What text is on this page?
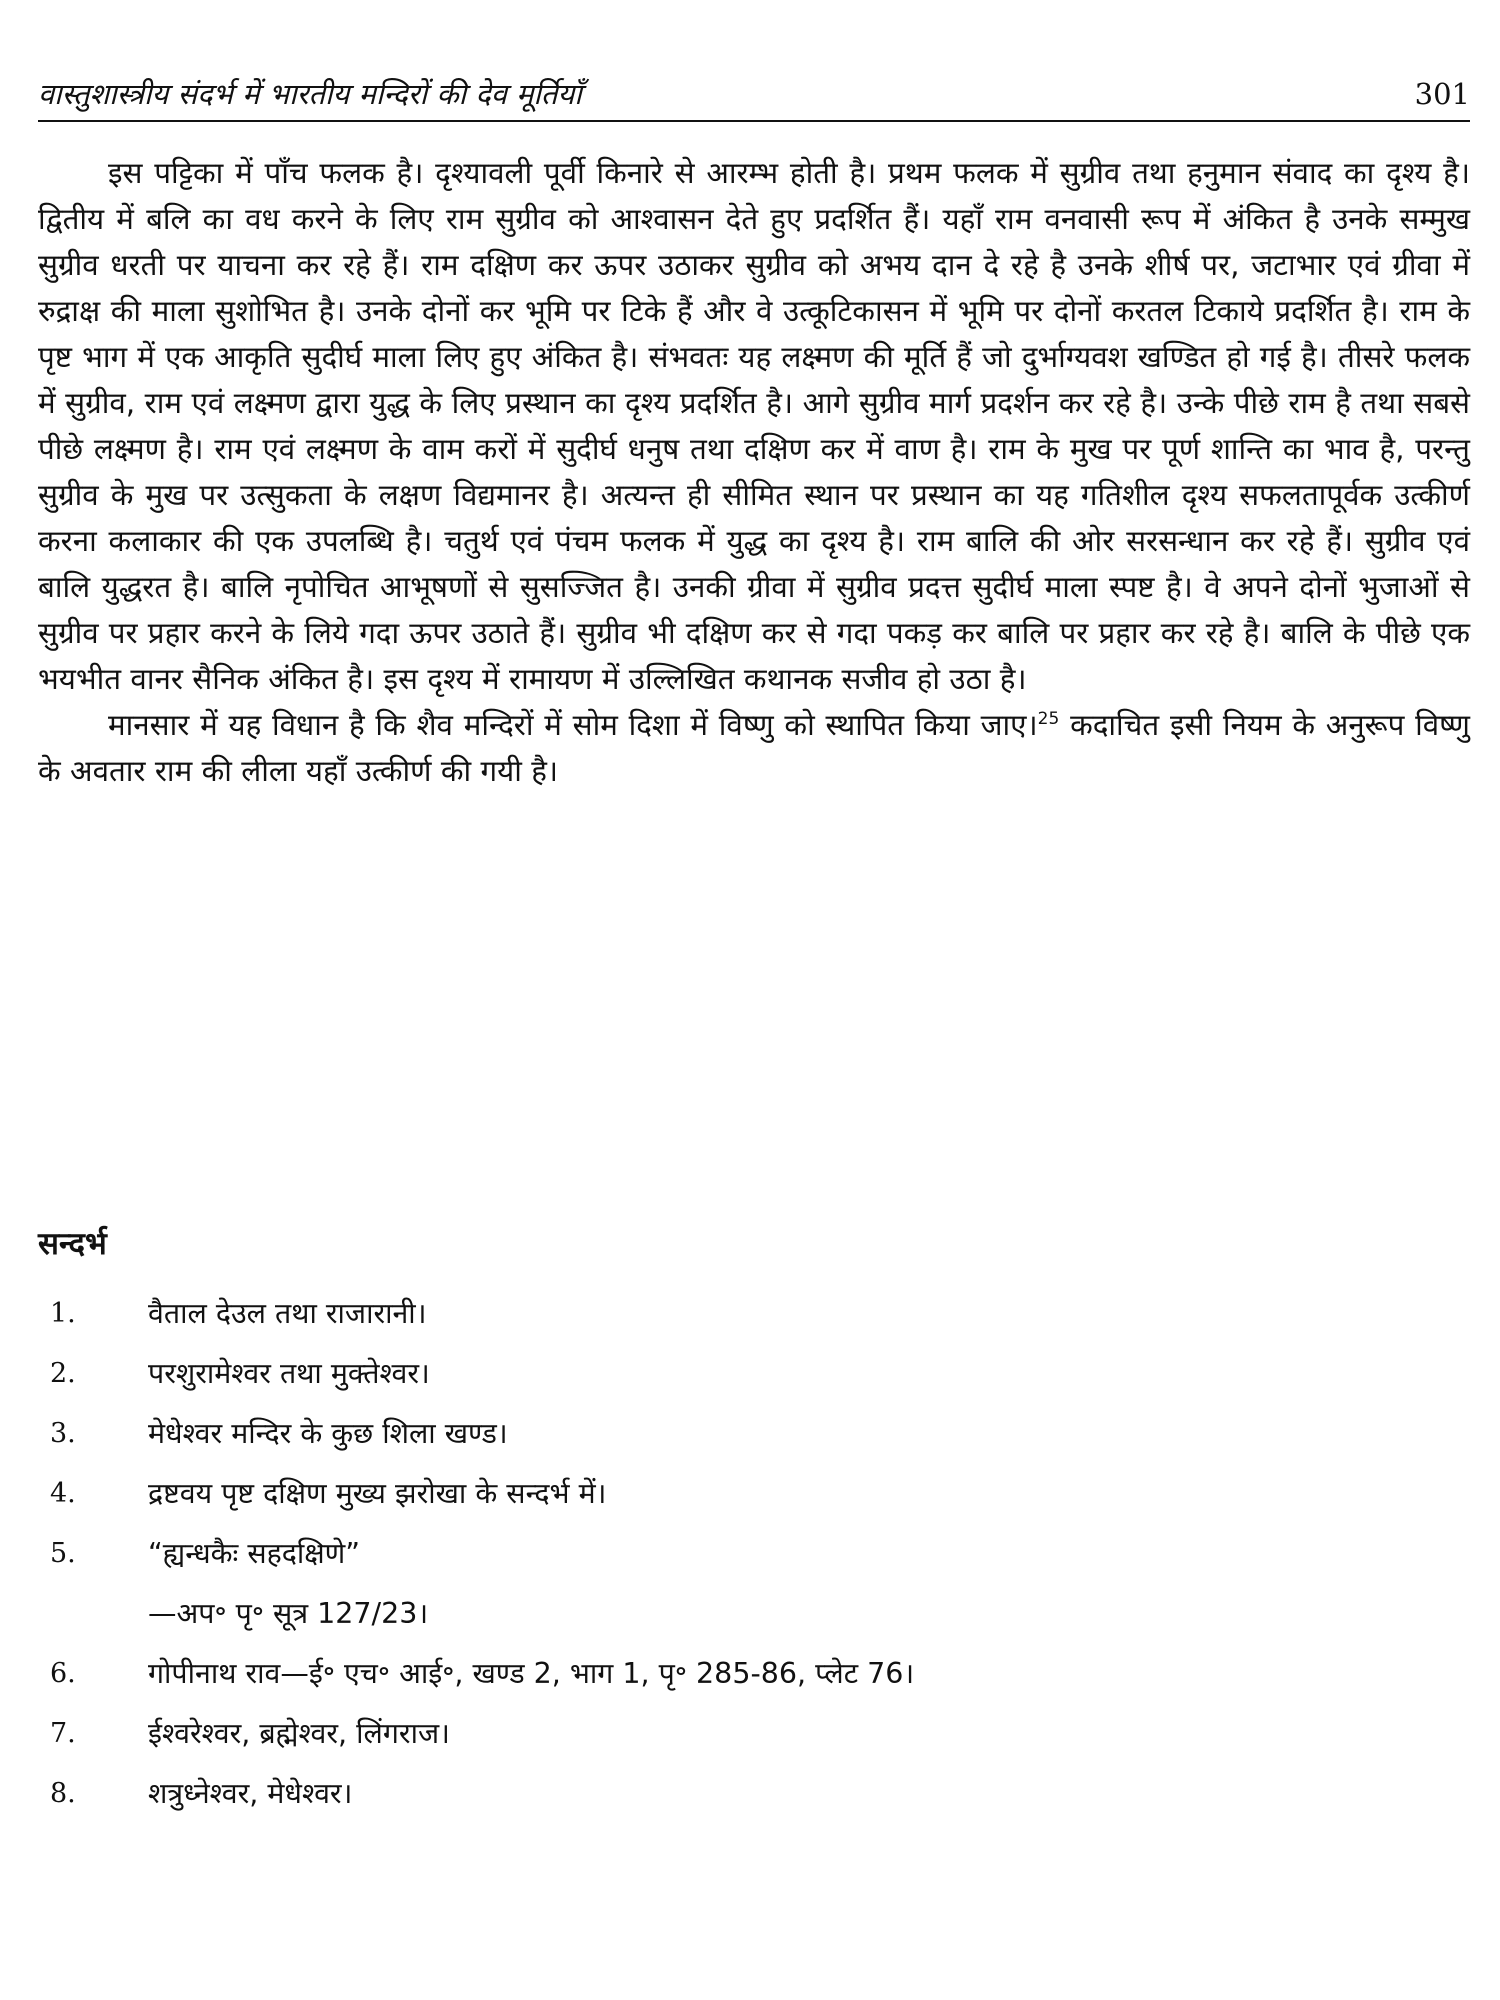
वास्तुशास्त्रीय संदर्भ में भारतीय मन्दिरों की देव मूर्तियाँ	301

इस पट्टिका में पाँच फलक है। दृश्यावली पूर्वी किनारे से आरम्भ होती है। प्रथम फलक में सुग्रीव तथा हनुमान संवाद का दृश्य है। द्वितीय में बलि का वध करने के लिए राम सुग्रीव को आश्वासन देते हुए प्रदर्शित हैं। यहाँ राम वनवासी रूप में अंकित है उनके सम्मुख सुग्रीव धरती पर याचना कर रहे हैं। राम दक्षिण कर ऊपर उठाकर सुग्रीव को अभय दान दे रहे है उनके शीर्ष पर, जटाभार एवं ग्रीवा में रुद्राक्ष की माला सुशोभित है। उनके दोनों कर भूमि पर टिके हैं और वे उत्कूटिकासन में भूमि पर दोनों करतल टिकाये प्रदर्शित है। राम के पृष्ट भाग में एक आकृति सुदीर्घ माला लिए हुए अंकित है। संभवतः यह लक्ष्मण की मूर्ति हैं जो दुर्भाग्यवश खण्डित हो गई है। तीसरे फलक में सुग्रीव, राम एवं लक्ष्मण द्वारा युद्ध के लिए प्रस्थान का दृश्य प्रदर्शित है। आगे सुग्रीव मार्ग प्रदर्शन कर रहे है। उन्के पीछे राम है तथा सबसे पीछे लक्ष्मण है। राम एवं लक्ष्मण के वाम करों में सुदीर्घ धनुष तथा दक्षिण कर में वाण है। राम के मुख पर पूर्ण शान्ति का भाव है, परन्तु सुग्रीव के मुख पर उत्सुकता के लक्षण विद्यमानर है। अत्यन्त ही सीमित स्थान पर प्रस्थान का यह गतिशील दृश्य सफलतापूर्वक उत्कीर्ण करना कलाकार की एक उपलब्धि है। चतुर्थ एवं पंचम फलक में युद्ध का दृश्य है। राम बालि की ओर सरसन्धान कर रहे हैं। सुग्रीव एवं बालि युद्धरत है। बालि नृपोचित आभूषणों से सुसज्जित है। उनकी ग्रीवा में सुग्रीव प्रदत्त सुदीर्घ माला स्पष्ट है। वे अपने दोनों भुजाओं से सुग्रीव पर प्रहार करने के लिये गदा ऊपर उठाते हैं। सुग्रीव भी दक्षिण कर से गदा पकड़ कर बालि पर प्रहार कर रहे है। बालि के पीछे एक भयभीत वानर सैनिक अंकित है। इस दृश्य में रामायण में उल्लिखित कथानक सजीव हो उठा है।

मानसार में यह विधान है कि शैव मन्दिरों में सोम दिशा में विष्णु को स्थापित किया जाए।$^{25}$ कदाचित इसी नियम के अनुरूप विष्णु के अवतार राम की लीला यहाँ उत्कीर्ण की गयी है।

सन्दर्भ
1.	वैताल देउल तथा राजारानी।
2.	परशुरामेश्वर तथा मुक्तेश्वर।
3.	मेधेश्वर मन्दिर के कुछ शिला खण्ड।
4.	द्रष्टवय पृष्ट दक्षिण मुख्य झरोखा के सन्दर्भ में।
5.	“ह्यन्धकैः सहदक्षिणे”
—अप॰ पृ॰ सूत्र 127/23।
6.	गोपीनाथ राव—ई॰ एच॰ आई॰, खण्ड 2, भाग 1, पृ॰ 285-86, प्लेट 76।
7.	ईश्वरेश्वर, ब्रह्मेश्वर, लिंगराज।
8.	शत्रुध्नेश्वर, मेधेश्वर।
